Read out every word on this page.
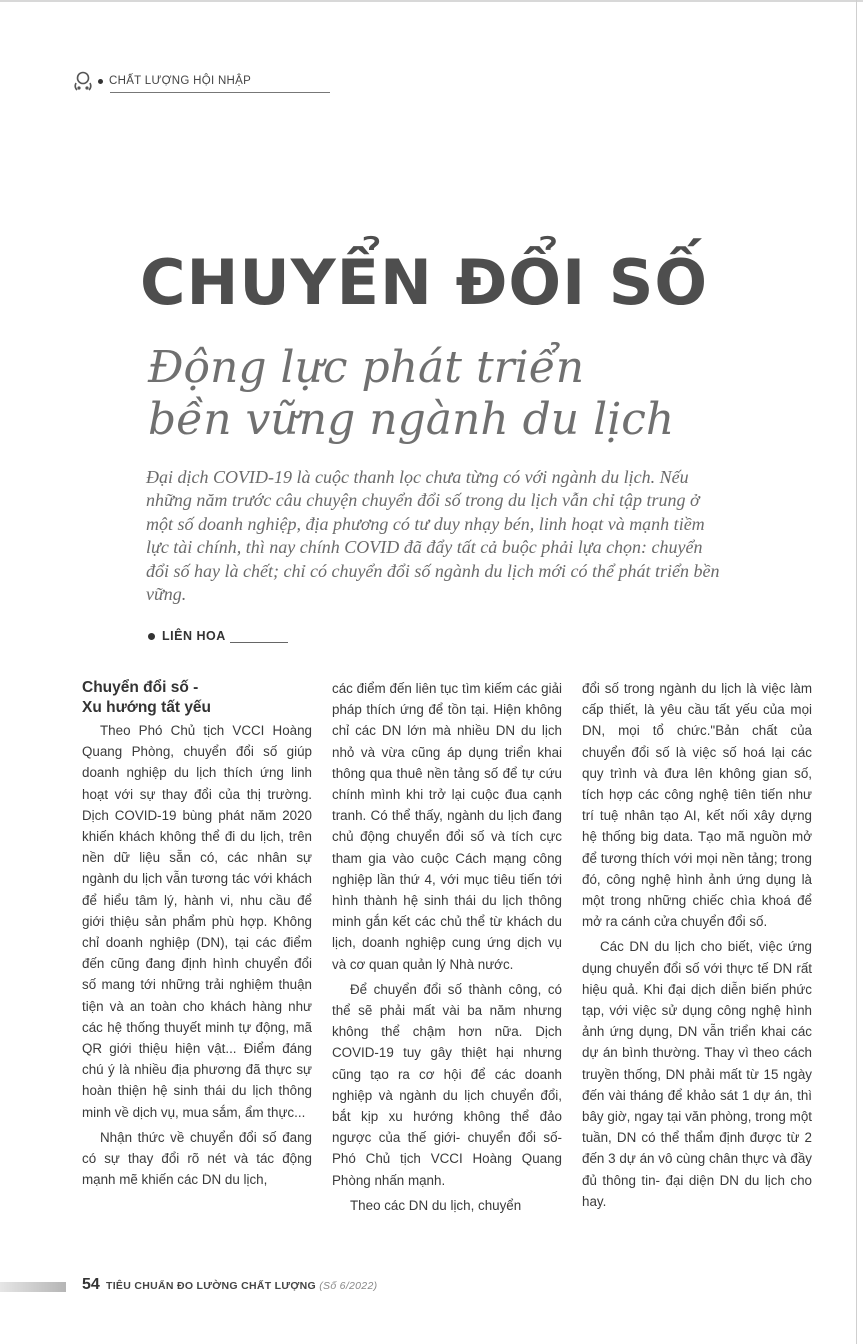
CHẤT LƯỢNG HỘI NHẬP
CHUYỂN ĐỔI SỐ
Động lực phát triển
bền vững ngành du lịch
Đại dịch COVID-19 là cuộc thanh lọc chưa từng có với ngành du lịch. Nếu những năm trước câu chuyện chuyển đổi số trong du lịch vẫn chỉ tập trung ở một số doanh nghiệp, địa phương có tư duy nhạy bén, linh hoạt và mạnh tiềm lực tài chính, thì nay chính COVID đã đẩy tất cả buộc phải lựa chọn: chuyển đổi số hay là chết; chỉ có chuyển đổi số ngành du lịch mới có thể phát triển bền vững.
LIÊN HOA
Chuyển đổi số -
Xu hướng tất yếu

Theo Phó Chủ tịch VCCI Hoàng Quang Phòng, chuyển đổi số giúp doanh nghiệp du lịch thích ứng linh hoạt với sự thay đổi của thị trường. Dịch COVID-19 bùng phát năm 2020 khiến khách không thể đi du lịch, trên nền dữ liệu sẵn có, các nhân sự ngành du lịch vẫn tương tác với khách để hiểu tâm lý, hành vi, nhu cầu để giới thiệu sản phẩm phù hợp. Không chỉ doanh nghiệp (DN), tại các điểm đến cũng đang định hình chuyển đổi số mang tới những trải nghiệm thuận tiện và an toàn cho khách hàng như các hệ thống thuyết minh tự động, mã QR giới thiệu hiện vật... Điểm đáng chú ý là nhiều địa phương đã thực sự hoàn thiện hệ sinh thái du lịch thông minh về dịch vụ, mua sắm, ẩm thực...

Nhận thức về chuyển đổi số đang có sự thay đổi rõ nét và tác động mạnh mẽ khiến các DN du lịch,

các điểm đến liên tục tìm kiếm các giải pháp thích ứng để tồn tại. Hiện không chỉ các DN lớn mà nhiều DN du lịch nhỏ và vừa cũng áp dụng triển khai thông qua thuê nền tảng số để tự cứu chính mình khi trở lại cuộc đua cạnh tranh. Có thể thấy, ngành du lịch đang chủ động chuyển đổi số và tích cực tham gia vào cuộc Cách mạng công nghiệp lần thứ 4, với mục tiêu tiến tới hình thành hệ sinh thái du lịch thông minh gắn kết các chủ thể từ khách du lịch, doanh nghiệp cung ứng dịch vụ và cơ quan quản lý Nhà nước.

Để chuyển đổi số thành công, có thể sẽ phải mất vài ba năm nhưng không thể chậm hơn nữa. Dịch COVID-19 tuy gây thiệt hại nhưng cũng tạo ra cơ hội để các doanh nghiệp và ngành du lịch chuyển đổi, bắt kịp xu hướng không thể đảo ngược của thế giới- chuyển đổi số- Phó Chủ tịch VCCI Hoàng Quang Phòng nhấn mạnh.

Theo các DN du lịch, chuyển

đổi số trong ngành du lịch là việc làm cấp thiết, là yêu cầu tất yếu của mọi DN, mọi tổ chức."Bản chất của chuyển đổi số là việc số hoá lại các quy trình và đưa lên không gian số, tích hợp các công nghệ tiên tiến như trí tuệ nhân tạo AI, kết nối xây dựng hệ thống big data. Tạo mã nguồn mở để tương thích với mọi nền tảng; trong đó, công nghệ hình ảnh ứng dụng là một trong những chiếc chìa khoá để mở ra cánh cửa chuyển đổi số.

Các DN du lịch cho biết, việc ứng dụng chuyển đổi số với thực tế DN rất hiệu quả. Khi đại dịch diễn biến phức tạp, với việc sử dụng công nghệ hình ảnh ứng dụng, DN vẫn triển khai các dự án bình thường. Thay vì theo cách truyền thống, DN phải mất từ 15 ngày đến vài tháng để khảo sát 1 dự án, thì bây giờ, ngay tại văn phòng, trong một tuần, DN có thể thẩm định được từ 2 đến 3 dự án vô cùng chân thực và đầy đủ thông tin- đại diện DN du lịch cho hay.

54 TIÊU CHUẨN ĐO LƯỜNG CHẤT LƯỢNG (Số 6/2022)
